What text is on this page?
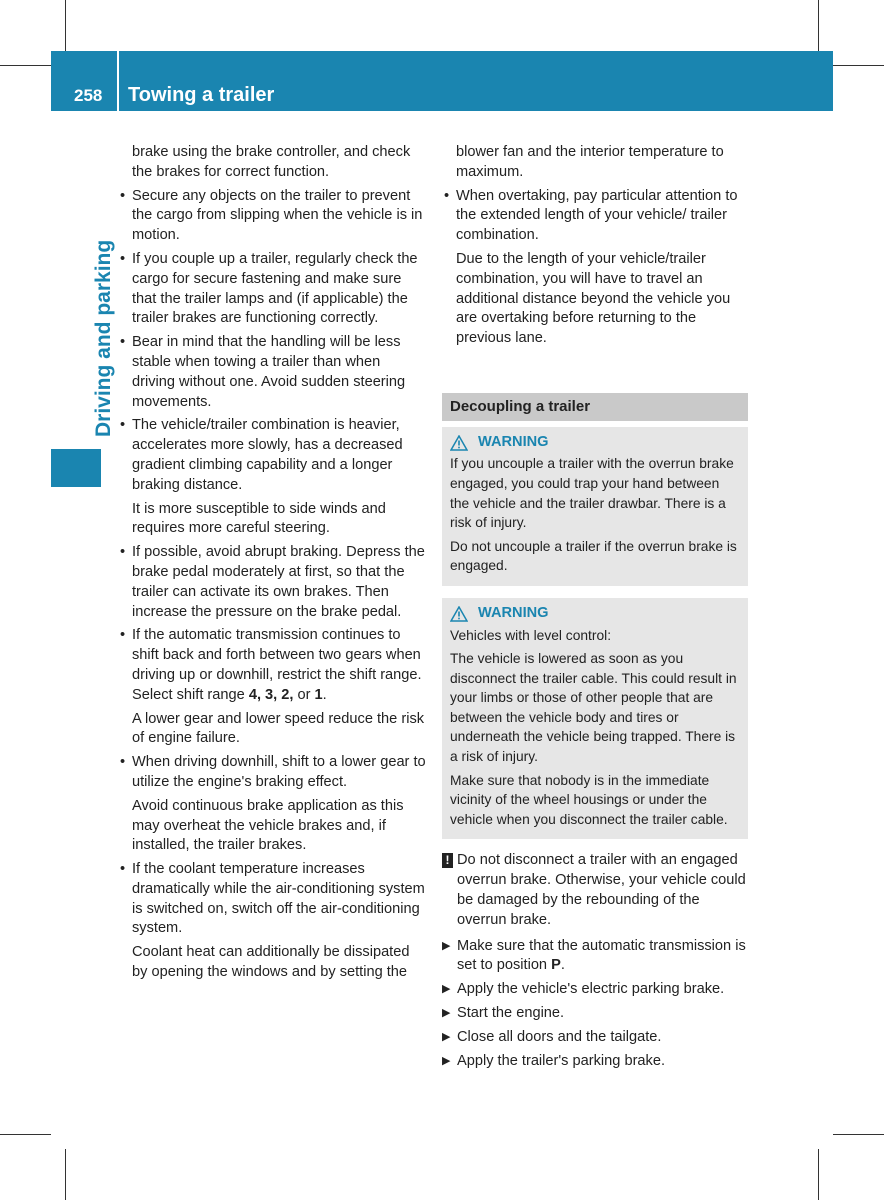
258 Towing a trailer
Driving and parking

brake using the brake controller, and check the brakes for correct function.

• Secure any objects on the trailer to prevent the cargo from slipping when the vehicle is in motion.
• If you couple up a trailer, regularly check the cargo for secure fastening and make sure that the trailer lamps and (if applicable) the trailer brakes are functioning correctly.
• Bear in mind that the handling will be less stable when towing a trailer than when driving without one. Avoid sudden steering movements.
• The vehicle/trailer combination is heavier, accelerates more slowly, has a decreased gradient climbing capability and a longer braking distance.

It is more susceptible to side winds and requires more careful steering.

• If possible, avoid abrupt braking. Depress the brake pedal moderately at first, so that the trailer can activate its own brakes. Then increase the pressure on the brake pedal.
• If the automatic transmission continues to shift back and forth between two gears when driving up or downhill, restrict the shift range. Select shift range 4, 3, 2, or 1.

A lower gear and lower speed reduce the risk of engine failure.

• When driving downhill, shift to a lower gear to utilize the engine's braking effect.

Avoid continuous brake application as this may overheat the vehicle brakes and, if installed, the trailer brakes.

• If the coolant temperature increases dramatically while the air-conditioning system is switched on, switch off the air-conditioning system.

Coolant heat can additionally be dissipated by opening the windows and by setting the

blower fan and the interior temperature to maximum.

• When overtaking, pay particular attention to the extended length of your vehicle/ trailer combination.

Due to the length of your vehicle/trailer combination, you will have to travel an additional distance beyond the vehicle you are overtaking before returning to the previous lane.

Decoupling a trailer
WARNING

If you uncouple a trailer with the overrun brake engaged, you could trap your hand between the vehicle and the trailer drawbar. There is a risk of injury.

Do not uncouple a trailer if the overrun brake is engaged.

WARNING

Vehicles with level control:

The vehicle is lowered as soon as you disconnect the trailer cable. This could result in your limbs or those of other people that are between the vehicle body and tires or underneath the vehicle being trapped. There is a risk of injury.

Make sure that nobody is in the immediate vicinity of the wheel housings or under the vehicle when you disconnect the trailer cable.

! Do not disconnect a trailer with an engaged overrun brake. Otherwise, your vehicle could be damaged by the rebounding of the overrun brake.
▶ Make sure that the automatic transmission is set to position P.
▶ Apply the vehicle's electric parking brake.
▶ Start the engine.
▶ Close all doors and the tailgate.
▶ Apply the trailer's parking brake.
